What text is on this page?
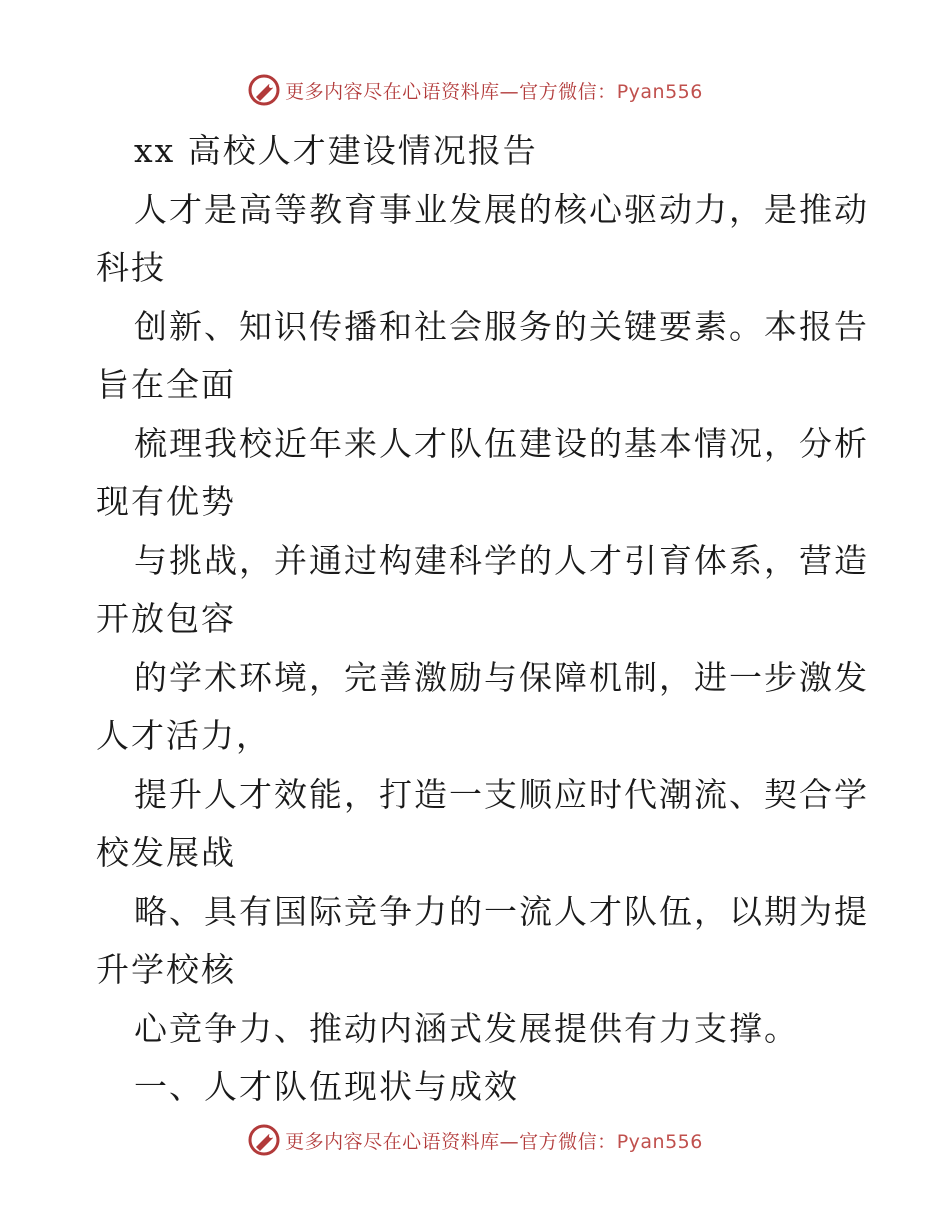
更多内容尽在心语资料库—官方微信：Pyan556
xx 高校人才建设情况报告
人才是高等教育事业发展的核心驱动力，是推动
科技
创新、知识传播和社会服务的关键要素。本报告
旨在全面
梳理我校近年来人才队伍建设的基本情况，分析
现有优势
与挑战，并通过构建科学的人才引育体系，营造
开放包容
的学术环境，完善激励与保障机制，进一步激发
人才活力，
提升人才效能，打造一支顺应时代潮流、契合学
校发展战
略、具有国际竞争力的一流人才队伍，以期为提
升学校核
心竞争力、推动内涵式发展提供有力支撑。
一、人才队伍现状与成效
更多内容尽在心语资料库—官方微信：Pyan556
